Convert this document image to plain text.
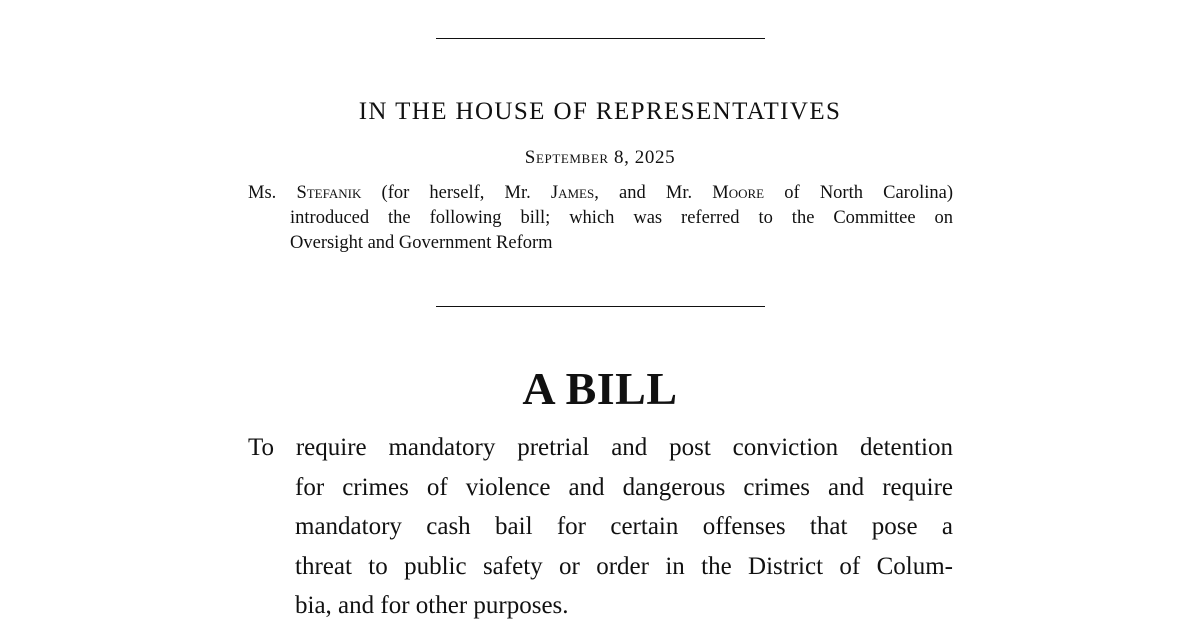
IN THE HOUSE OF REPRESENTATIVES
September 8, 2025
Ms. Stefanik (for herself, Mr. James, and Mr. Moore of North Carolina)
introduced the following bill; which was referred to the Committee on
Oversight and Government Reform
A BILL
To require mandatory pretrial and post conviction detention
for crimes of violence and dangerous crimes and require
mandatory cash bail for certain offenses that pose a
threat to public safety or order in the District of Colum-
bia, and for other purposes.
